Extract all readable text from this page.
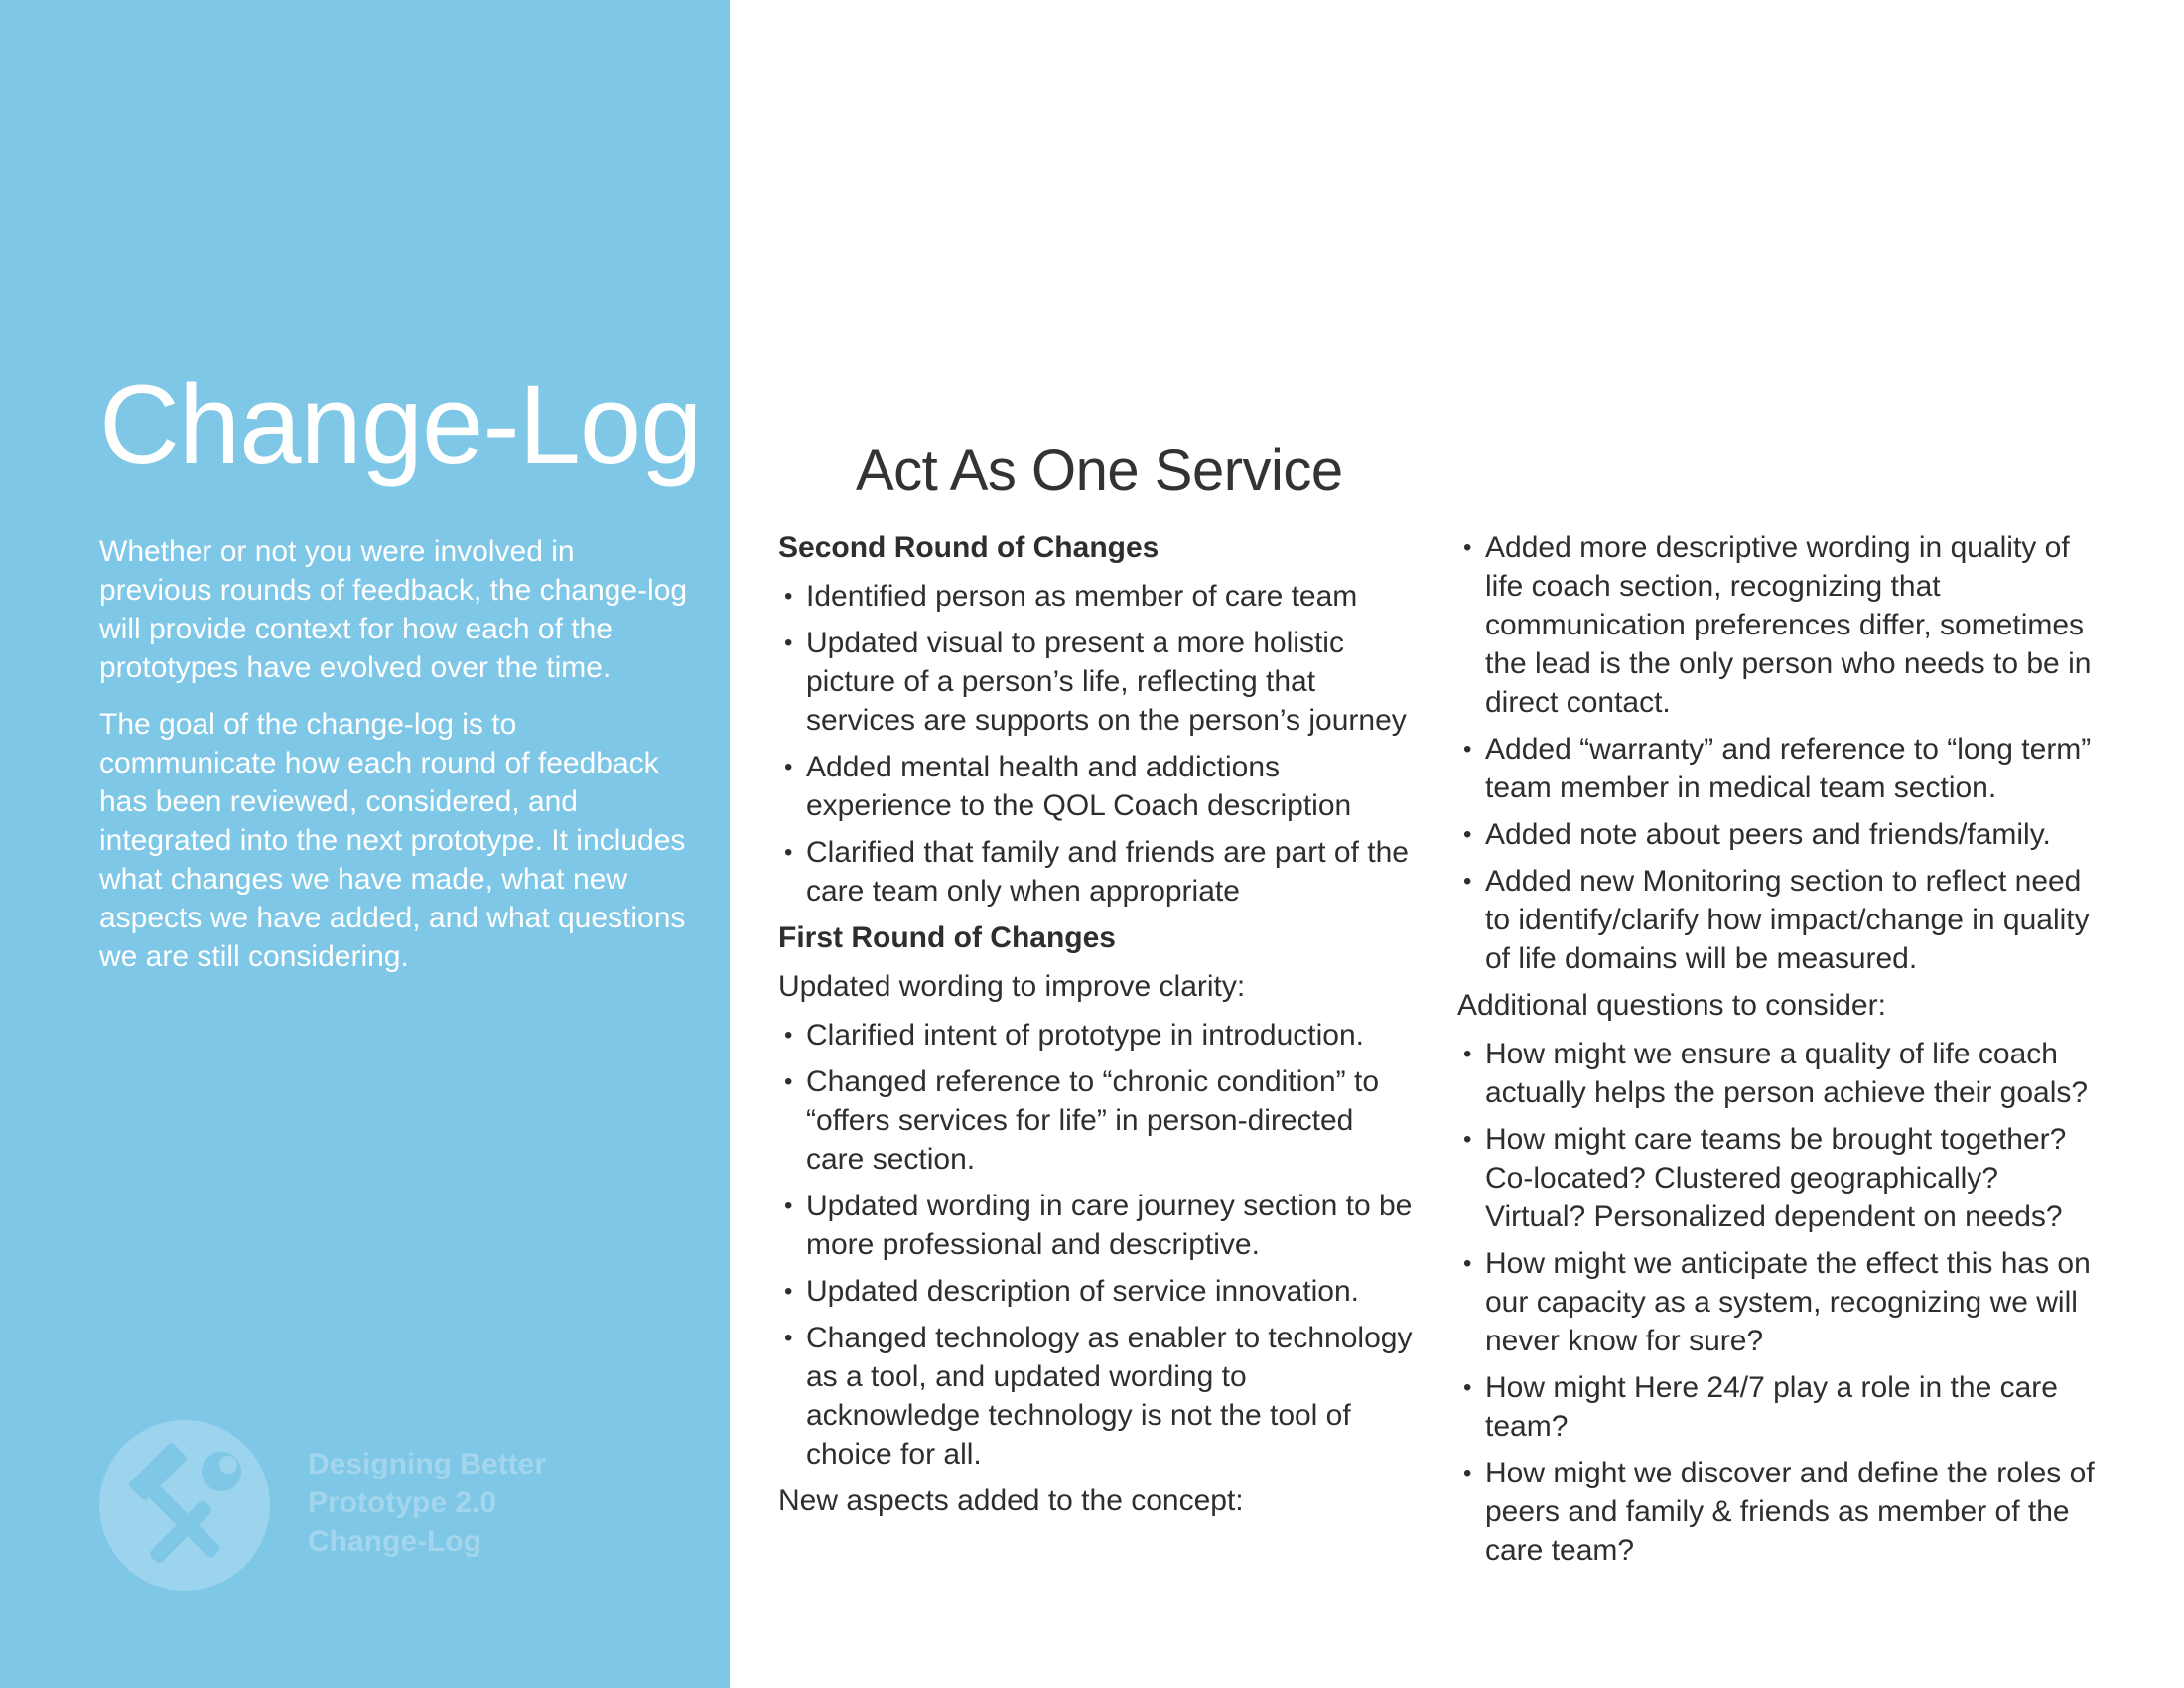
Change-Log

Whether or not you were involved in previous rounds of feedback, the change-log will provide context for how each of the prototypes have evolved over the time.

The goal of the change-log is to communicate how each round of feedback has been reviewed, considered, and integrated into the next prototype. It includes what changes we have made, what new aspects we have added, and what questions we are still considering.

Designing Better
Prototype 2.0
Change-Log
Act As One Service
Second Round of Changes
• Identified person as member of care team
• Updated visual to present a more holistic picture of a person’s life, reflecting that services are supports on the person’s journey
• Added mental health and addictions experience to the QOL Coach description
• Clarified that family and friends are part of the care team only when appropriate
First Round of Changes
Updated wording to improve clarity:
• Clarified intent of prototype in introduction.
• Changed reference to “chronic condition” to “offers services for life” in person-directed care section.
• Updated wording in care journey section to be more professional and descriptive.
• Updated description of service innovation.
• Changed technology as enabler to technology as a tool, and updated wording to acknowledge technology is not the tool of choice for all.
New aspects added to the concept:
• Added more descriptive wording in quality of life coach section, recognizing that communication preferences differ, sometimes the lead is the only person who needs to be in direct contact.
• Added “warranty” and reference to “long term” team member in medical team section.
• Added note about peers and friends/family.
• Added new Monitoring section to reflect need to identify/clarify how impact/change in quality of life domains will be measured.
Additional questions to consider:
• How might we ensure a quality of life coach actually helps the person achieve their goals?
• How might care teams be brought together? Co-located? Clustered geographically? Virtual? Personalized dependent on needs?
• How might we anticipate the effect this has on our capacity as a system, recognizing we will never know for sure?
• How might Here 24/7 play a role in the care team?
• How might we discover and define the roles of peers and family & friends as member of the care team?
